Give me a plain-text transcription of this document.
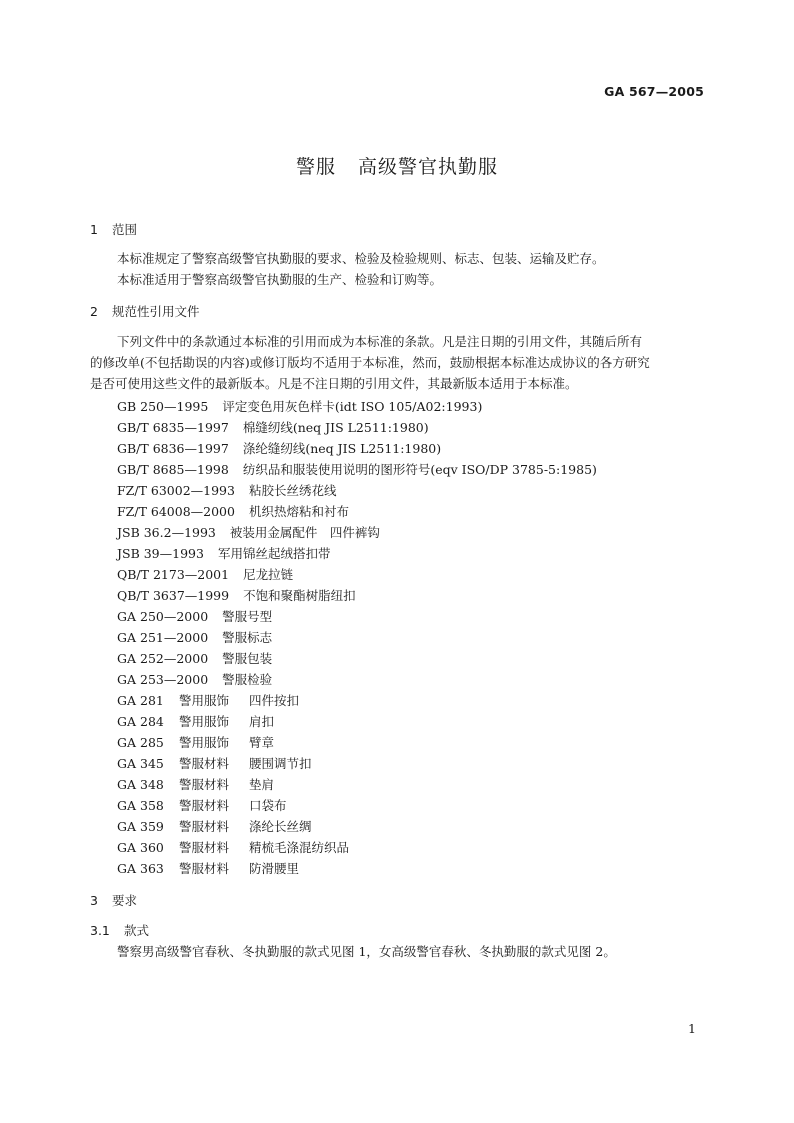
GA 567—2005
警服 高级警官执勤服
1 范围
本标准规定了警察高级警官执勤服的要求、检验及检验规则、标志、包装、运输及贮存。
本标准适用于警察高级警官执勤服的生产、检验和订购等。
2 规范性引用文件
下列文件中的条款通过本标准的引用而成为本标准的条款。凡是注日期的引用文件，其随后所有
的修改单(不包括勘误的内容)或修订版均不适用于本标准，然而，鼓励根据本标准达成协议的各方研究
是否可使用这些文件的最新版本。凡是不注日期的引用文件，其最新版本适用于本标准。
GB 250—1995 评定变色用灰色样卡(idt ISO 105/A02:1993)
GB/T 6835—1997 棉缝纫线(neq JIS L2511:1980)
GB/T 6836—1997 涤纶缝纫线(neq JIS L2511:1980)
GB/T 8685—1998 纺织品和服装使用说明的图形符号(eqv ISO/DP 3785-5:1985)
FZ/T 63002—1993 粘胶长丝绣花线
FZ/T 64008—2000 机织热熔粘和衬布
JSB 36.2—1993 被装用金属配件　四件裤钩
JSB 39—1993 军用锦丝起绒搭扣带
QB/T 2173—2001 尼龙拉链
QB/T 3637—1999 不饱和聚酯树脂纽扣
GA 250—2000 警服号型
GA 251—2000 警服标志
GA 252—2000 警服包装
GA 253—2000 警服检验
GA 281 警用服饰 四件按扣
GA 284 警用服饰 肩扣
GA 285 警用服饰 臂章
GA 345 警服材料 腰围调节扣
GA 348 警服材料 垫肩
GA 358 警服材料 口袋布
GA 359 警服材料 涤纶长丝绸
GA 360 警服材料 精梳毛涤混纺织品
GA 363 警服材料 防滑腰里
3 要求
3.1 款式
警察男高级警官春秋、冬执勤服的款式见图 1，女高级警官春秋、冬执勤服的款式见图 2。
1
